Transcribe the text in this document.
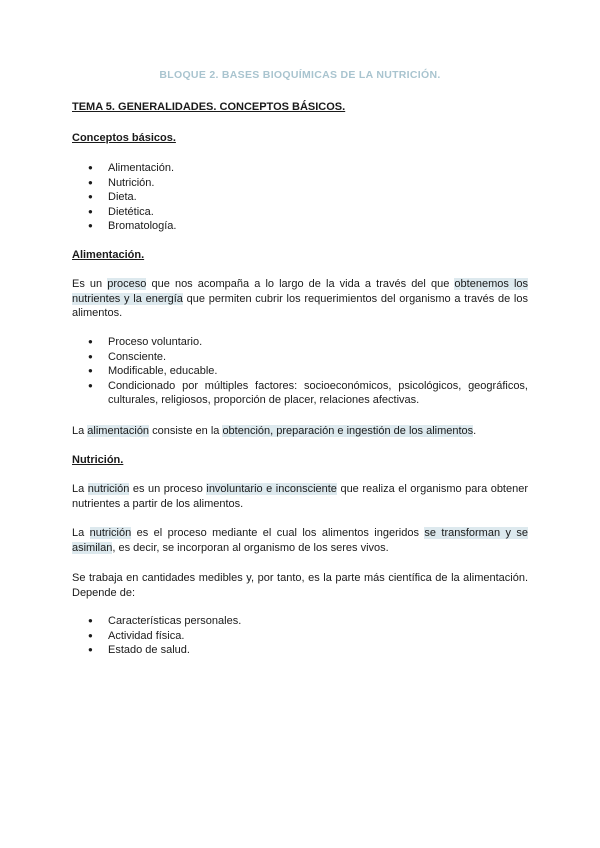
BLOQUE 2. BASES BIOQUÍMICAS DE LA NUTRICIÓN.
TEMA 5. GENERALIDADES. CONCEPTOS BÁSICOS.
Conceptos básicos.
● Alimentación.
● Nutrición.
● Dieta.
● Dietética.
● Bromatología.
Alimentación.
Es un proceso que nos acompaña a lo largo de la vida a través del que obtenemos los nutrientes y la energía que permiten cubrir los requerimientos del organismo a través de los alimentos.
● Proceso voluntario.
● Consciente.
● Modificable, educable.
● Condicionado por múltiples factores: socioeconómicos, psicológicos, geográficos, culturales, religiosos, proporción de placer, relaciones afectivas.
La alimentación consiste en la obtención, preparación e ingestión de los alimentos.
Nutrición.
La nutrición es un proceso involuntario e inconsciente que realiza el organismo para obtener nutrientes a partir de los alimentos.
La nutrición es el proceso mediante el cual los alimentos ingeridos se transforman y se asimilan, es decir, se incorporan al organismo de los seres vivos.
Se trabaja en cantidades medibles y, por tanto, es la parte más científica de la alimentación. Depende de:
● Características personales.
● Actividad física.
● Estado de salud.
